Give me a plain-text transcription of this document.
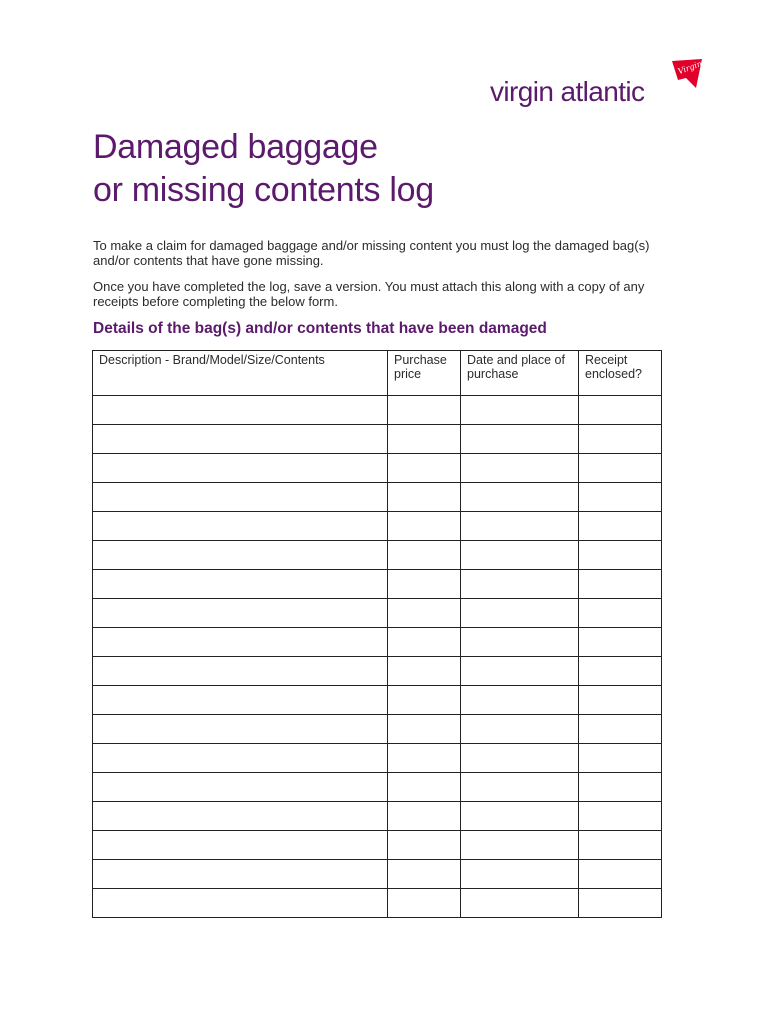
virgin atlantic
Virgin
Damaged baggage
or missing contents log

To make a claim for damaged baggage and/or missing content you must log the damaged bag(s) and/or contents that have gone missing.

Once you have completed the log, save a version. You must attach this along with a copy of any receipts before completing the below form.

Details of the bag(s) and/or contents that have been damaged
Description - Brand/Model/Size/Contents	Purchase price	Date and place of purchase	Receipt enclosed?
